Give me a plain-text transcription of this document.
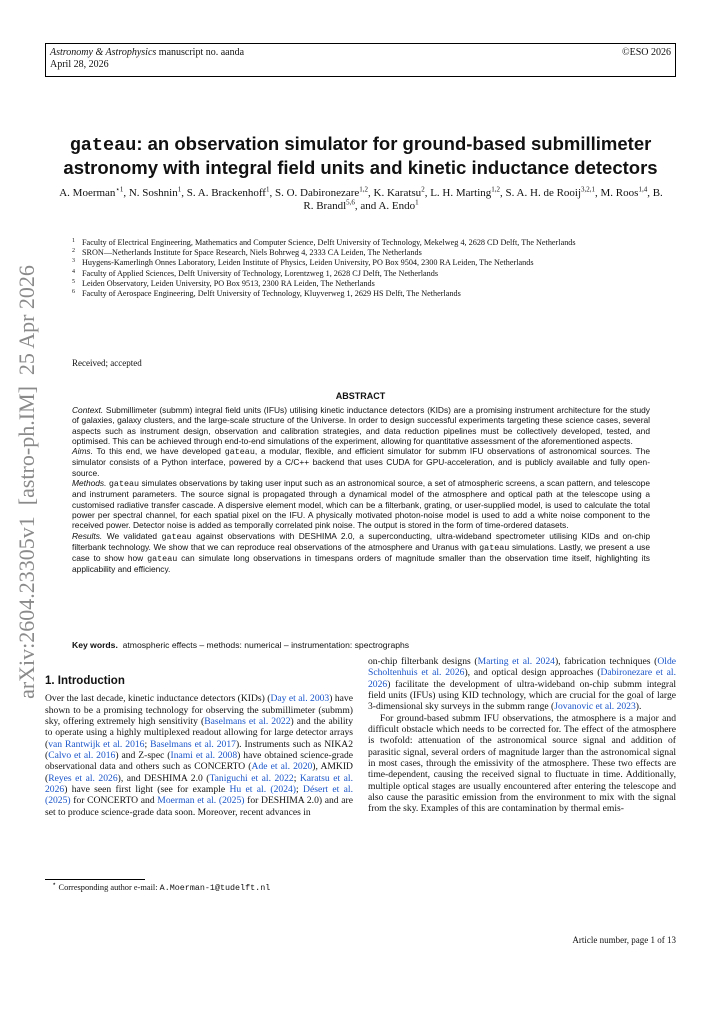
Astronomy & Astrophysics manuscript no. aanda
April 28, 2026
©ESO 2026
arXiv:2604.23305v1  [astro-ph.IM]  25 Apr 2026
gateau: an observation simulator for ground-based submillimeter
astronomy with integral field units and kinetic inductance detectors
A. Moerman$^{⋆1}$, N. Soshnin$^1$, S. A. Brackenhoff$^1$, S. O. Dabironezare$^{1,2}$, K. Karatsu$^2$, L. H. Marting$^{1,2}$, S. A. H. de Rooij$^{3,2,1}$, M. Roos$^{1,4}$, B. R. Brandl$^{5,6}$, and A. Endo$^1$
1 Faculty of Electrical Engineering, Mathematics and Computer Science, Delft University of Technology, Mekelweg 4, 2628 CD Delft, The Netherlands
2 SRON—Netherlands Institute for Space Research, Niels Bohrweg 4, 2333 CA Leiden, The Netherlands
3 Huygens-Kamerlingh Onnes Laboratory, Leiden Institute of Physics, Leiden University, PO Box 9504, 2300 RA Leiden, The Netherlands
4 Faculty of Applied Sciences, Delft University of Technology, Lorentzweg 1, 2628 CJ Delft, The Netherlands
5 Leiden Observatory, Leiden University, PO Box 9513, 2300 RA Leiden, The Netherlands
6 Faculty of Aerospace Engineering, Delft University of Technology, Kluyverweg 1, 2629 HS Delft, The Netherlands
Received; accepted
ABSTRACT

Context. Submillimeter (submm) integral field units (IFUs) utilising kinetic inductance detectors (KIDs) are a promising instrument architecture for the study of galaxies, galaxy clusters, and the large-scale structure of the Universe. In order to design successful experiments targeting these science cases, several aspects such as instrument design, observation and calibration strategies, and data reduction pipelines must be collectively developed, tested, and optimised. This can be achieved through end-to-end simulations of the experiment, allowing for quantitative assessment of the aforementioned aspects.

Aims. To this end, we have developed gateau, a modular, flexible, and efficient simulator for submm IFU observations of astronomical sources. The simulator consists of a Python interface, powered by a C/C++ backend that uses CUDA for GPU-acceleration, and is publicly available and fully open-source.

Methods. gateau simulates observations by taking user input such as an astronomical source, a set of atmospheric screens, a scan pattern, and telescope and instrument parameters. The source signal is propagated through a dynamical model of the atmosphere and optical path at the telescope using a customised radiative transfer cascade. A dispersive element model, which can be a filterbank, grating, or user-supplied model, is used to calculate the total power per spectral channel, for each spatial pixel on the IFU. A physically motivated photon-noise model is used to add a white noise component to the received power. Detector noise is added as temporally correlated pink noise. The output is stored in the form of time-ordered datasets.

Results. We validated gateau against observations with DESHIMA 2.0, a superconducting, ultra-wideband spectrometer utilising KIDs and on-chip filterbank technology. We show that we can reproduce real observations of the atmosphere and Uranus with gateau simulations. Lastly, we present a use case to show how gateau can simulate long observations in timespans orders of magnitude smaller than the observation time itself, highlighting its applicability and efficiency.

Key words.  atmospheric effects – methods: numerical – instrumentation: spectrographs
1. Introduction

Over the last decade, kinetic inductance detectors (KIDs) (Day et al. 2003) have shown to be a promising technology for observing the submillimeter (submm) sky, offering extremely high sensitivity (Baselmans et al. 2022) and the ability to operate using a highly multiplexed readout allowing for large detector arrays (van Rantwijk et al. 2016; Baselmans et al. 2017). Instruments such as NIKA2 (Calvo et al. 2016) and Z-spec (Inami et al. 2008) have obtained science-grade observational data and others such as CONCERTO (Ade et al. 2020), AMKID (Reyes et al. 2026), and DESHIMA 2.0 (Taniguchi et al. 2022; Karatsu et al. 2026) have seen first light (see for example Hu et al. (2024); Désert et al. (2025) for CONCERTO and Moerman et al. (2025) for DESHIMA 2.0) and are set to produce science-grade data soon. Moreover, recent advances in

on-chip filterbank designs (Marting et al. 2024), fabrication techniques (Olde Scholtenhuis et al. 2026), and optical design approaches (Dabironezare et al. 2026) facilitate the development of ultra-wideband on-chip submm integral field units (IFUs) using KID technology, which are crucial for the goal of large 3-dimensional sky surveys in the submm range (Jovanovic et al. 2023).

For ground-based submm IFU observations, the atmosphere is a major and difficult obstacle which needs to be corrected for. The effect of the atmosphere is twofold: attenuation of the astronomical source signal and addition of parasitic signal, several orders of magnitude larger than the astronomical signal in most cases, through the emissivity of the atmosphere. These two effects are time-dependent, causing the received signal to fluctuate in time. Additionally, multiple optical stages are usually encountered after entering the telescope and also cause the parasitic emission from the environment to mix with the signal from the sky. Examples of this are contamination by thermal emis-

⋆ Corresponding author e-mail: A.Moerman-1@tudelft.nl
Article number, page 1 of 13
